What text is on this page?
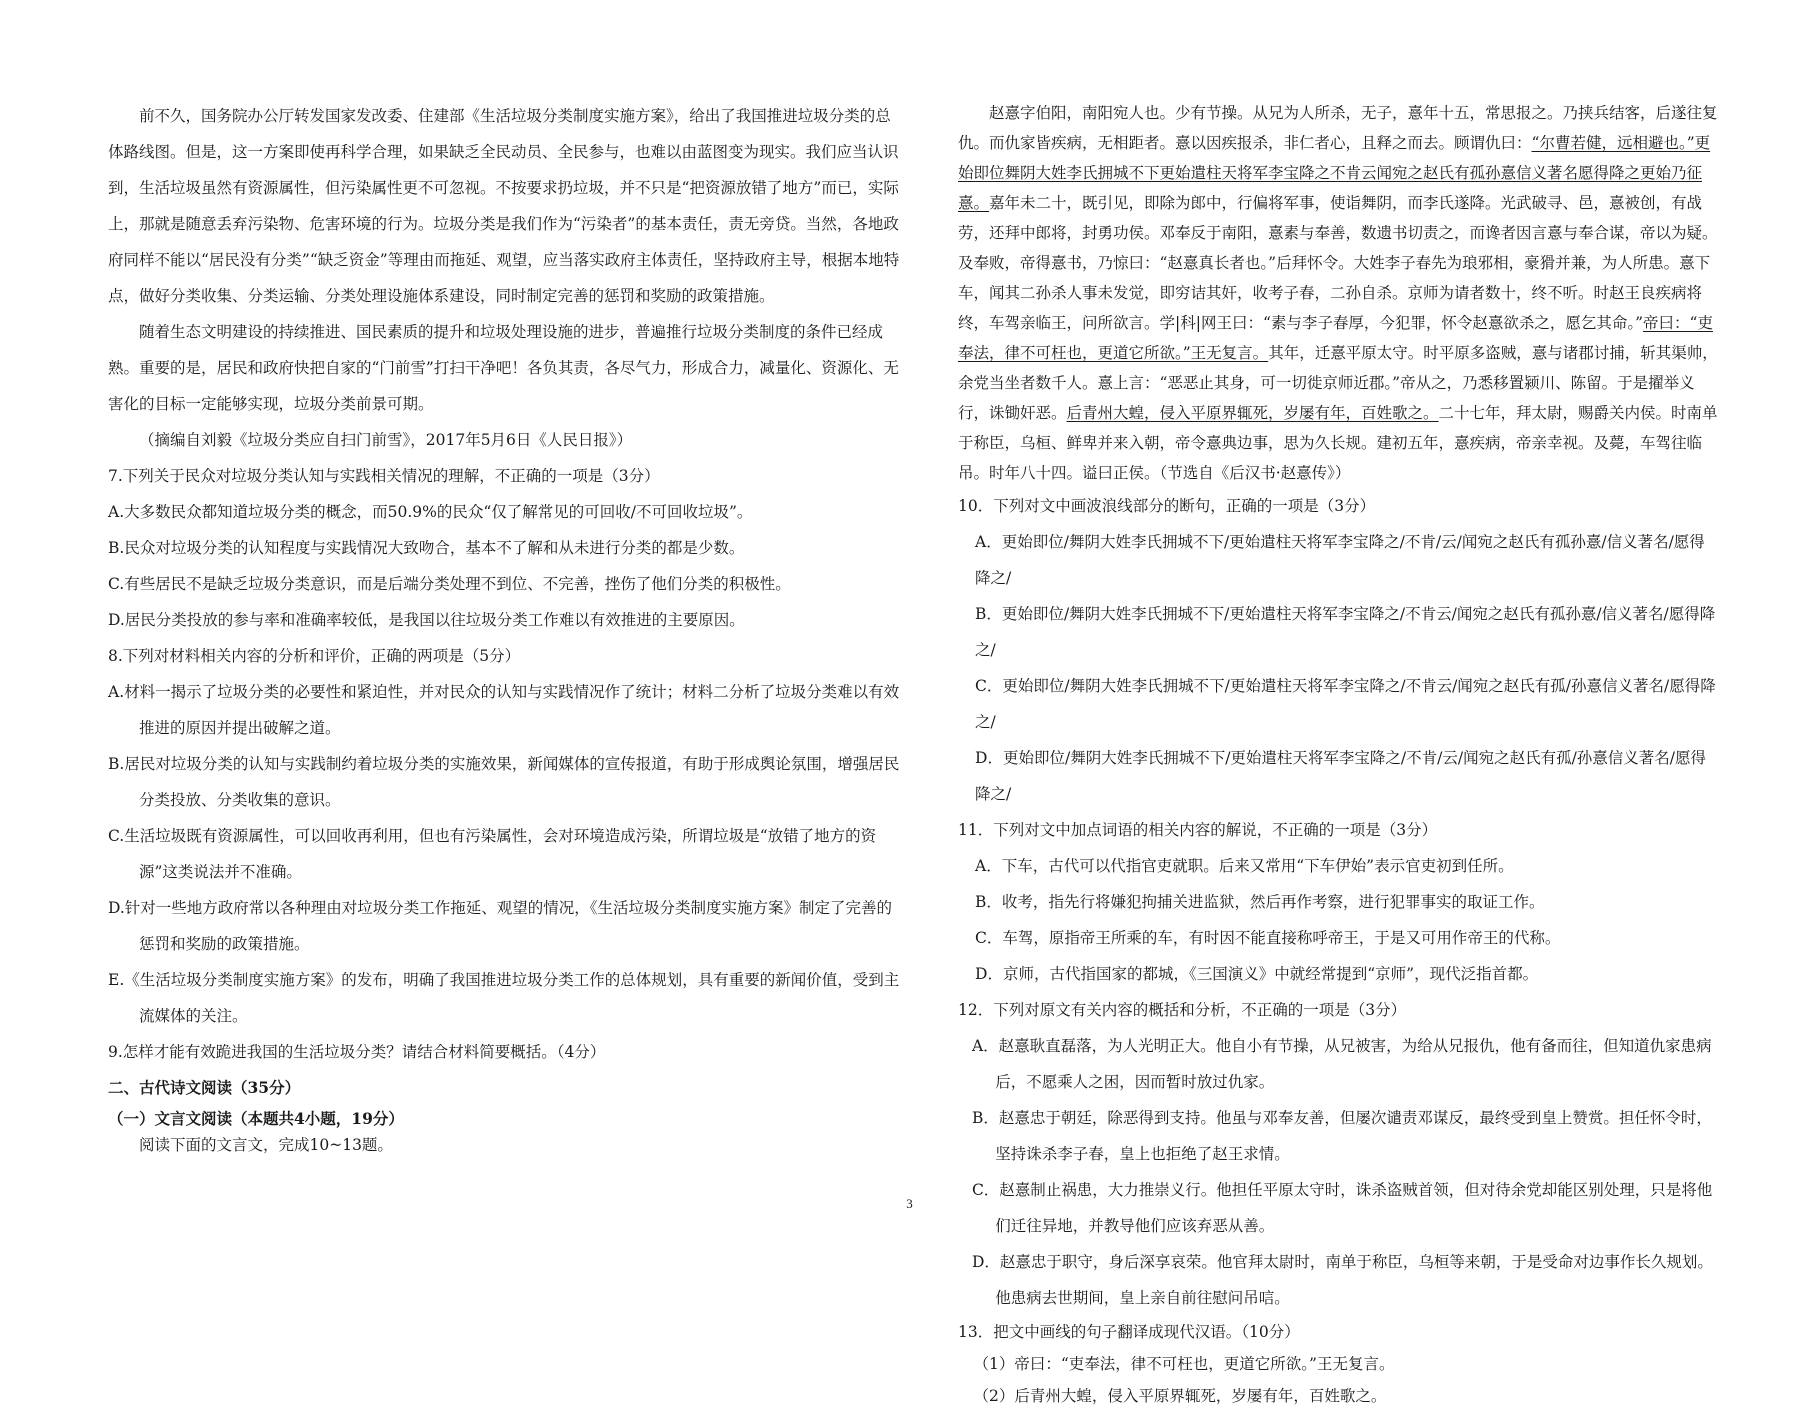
前不久，国务院办公厅转发国家发改委、住建部《生活垃圾分类制度实施方案》，给出了我国推进垃圾分类的总体路线图。但是，这一方案即使再科学合理，如果缺乏全民动员、全民参与，也难以由蓝图变为现实。我们应当认识到，生活垃圾虽然有资源属性，但污染属性更不可忽视。不按要求扔垃圾，并不只是“把资源放错了地方”而已，实际上，那就是随意丢弃污染物、危害环境的行为。垃圾分类是我们作为“污染者”的基本责任，责无旁贷。当然，各地政府同样不能以“居民没有分类”“缺乏资金”等理由而拖延、观望，应当落实政府主体责任，坚持政府主导，根据本地特点，做好分类收集、分类运输、分类处理设施体系建设，同时制定完善的惩罚和奖励的政策措施。

随着生态文明建设的持续推进、国民素质的提升和垃圾处理设施的进步，普遍推行垃圾分类制度的条件已经成熟。重要的是，居民和政府快把自家的“门前雪”打扫干净吧！各负其责，各尽气力，形成合力，减量化、资源化、无害化的目标一定能够实现，垃圾分类前景可期。

（摘编自刘毅《垃圾分类应自扫门前雪》，2017年5月6日《人民日报》）

7.下列关于民众对垃圾分类认知与实践相关情况的理解，不正确的一项是（3分）

A.大多数民众都知道垃圾分类的概念，而50.9%的民众“仅了解常见的可回收/不可回收垃圾”。

B.民众对垃圾分类的认知程度与实践情况大致吻合，基本不了解和从未进行分类的都是少数。

C.有些居民不是缺乏垃圾分类意识，而是后端分类处理不到位、不完善，挫伤了他们分类的积极性。

D.居民分类投放的参与率和准确率较低，是我国以往垃圾分类工作难以有效推进的主要原因。

8.下列对材料相关内容的分析和评价，正确的两项是（5分）

A.材料一揭示了垃圾分类的必要性和紧迫性，并对民众的认知与实践情况作了统计；材料二分析了垃圾分类难以有效推进的原因并提出破解之道。

B.居民对垃圾分类的认知与实践制约着垃圾分类的实施效果，新闻媒体的宣传报道，有助于形成舆论氛围，增强居民分类投放、分类收集的意识。

C.生活垃圾既有资源属性，可以回收再利用，但也有污染属性，会对环境造成污染，所谓垃圾是“放错了地方的资源”这类说法并不准确。

D.针对一些地方政府常以各种理由对垃圾分类工作拖延、观望的情况，《生活垃圾分类制度实施方案》制定了完善的惩罚和奖励的政策措施。

E.《生活垃圾分类制度实施方案》的发布，明确了我国推进垃圾分类工作的总体规划，具有重要的新闻价值，受到主流媒体的关注。

9.怎样才能有效跪进我国的生活垃圾分类？请结合材料简要概括。（4分）

二、古代诗文阅读（35分）

（一）文言文阅读（本题共4小题，19分）

阅读下面的文言文，完成10~13题。

赵憙字伯阳，南阳宛人也。少有节操。从兄为人所杀，无子，憙年十五，常思报之。乃挟兵结客，后遂往复仇。而仇家皆疾病，无相距者。憙以因疾报杀，非仁者心，且释之而去。顾谓仇曰：“尔曹若健，远相避也。”更始即位舞阴大姓李氏拥城不下更始遣柱天将军李宝降之不肯云闻宛之赵氏有孤孙憙信义著名愿得降之更始乃征憙。嘉年未二十，既引见，即除为郎中，行偏将军事，使诣舞阴，而李氏遂降。光武破寻、邑，憙被创，有战劳，还拜中郎将，封勇功侯。邓奉反于南阳，憙素与奉善，数遗书切责之，而谗者因言憙与奉合谋，帝以为疑。及奉败，帝得憙书，乃惊曰：“赵憙真长者也。”后拜怀令。大姓李子春先为琅邪相，豪猾并兼，为人所患。憙下车，闻其二孙杀人事未发觉，即穷诘其奸，收考子春，二孙自杀。京师为请者数十，终不听。时赵王良疾病将终，车驾亲临王，问所欲言。学|科|网王曰：“素与李子春厚，今犯罪，怀令赵憙欲杀之，愿乞其命。”帝曰：“吏奉法，律不可枉也，更道它所欲。”王无复言。其年，迁憙平原太守。时平原多盗贼，憙与诸郡讨捕，斩其渠帅，余党当坐者数千人。憙上言：“恶恶止其身，可一切徙京师近郡。”帝从之，乃悉移置颍川、陈留。于是擢举义行，诛锄奸恶。后青州大蝗，侵入平原界辄死，岁屡有年，百姓歌之。二十七年，拜太尉，赐爵关内侯。时南单于称臣，乌桓、鲜卑并来入朝，帝令憙典边事，思为久长规。建初五年，憙疾病，帝亲幸视。及薨，车驾往临吊。时年八十四。谥曰正侯。（节选自《后汉书·赵憙传》）

10．下列对文中画波浪线部分的断句，正确的一项是（3分）

A．更始即位/舞阴大姓李氏拥城不下/更始遣柱天将军李宝降之/不肯/云/闻宛之赵氏有孤孙憙/信义著名/愿得降之/

B．更始即位/舞阴大姓李氏拥城不下/更始遣柱天将军李宝降之/不肯云/闻宛之赵氏有孤孙憙/信义著名/愿得降之/

C．更始即位/舞阴大姓李氏拥城不下/更始遣柱天将军李宝降之/不肯云/闻宛之赵氏有孤/孙憙信义著名/愿得降之/

D．更始即位/舞阴大姓李氏拥城不下/更始遣柱天将军李宝降之/不肯/云/闻宛之赵氏有孤/孙憙信义著名/愿得降之/

11．下列对文中加点词语的相关内容的解说，不正确的一项是（3分）

A．下车，古代可以代指官吏就职。后来又常用“下车伊始”表示官吏初到任所。

B．收考，指先行将嫌犯拘捕关进监狱，然后再作考察，进行犯罪事实的取证工作。

C．车驾，原指帝王所乘的车，有时因不能直接称呼帝王，于是又可用作帝王的代称。

D．京师，古代指国家的都城，《三国演义》中就经常提到“京师”，现代泛指首都。

12．下列对原文有关内容的概括和分析，不正确的一项是（3分）

A．赵憙耿直磊落，为人光明正大。他自小有节操，从兄被害，为给从兄报仇，他有备而往，但知道仇家患病后，不愿乘人之困，因而暂时放过仇家。

B．赵憙忠于朝廷，除恶得到支持。他虽与邓奉友善，但屡次谴责邓谋反，最终受到皇上赞赏。担任怀令时，坚持诛杀李子春，皇上也拒绝了赵王求情。

C．赵憙制止祸患，大力推崇义行。他担任平原太守时，诛杀盗贼首领，但对待余党却能区别处理，只是将他们迁往异地，并教导他们应该弃恶从善。

D．赵憙忠于职守，身后深享哀荣。他官拜太尉时，南单于称臣，乌桓等来朝，于是受命对边事作长久规划。他患病去世期间，皇上亲自前往慰问吊唁。

13．把文中画线的句子翻译成现代汉语。（10分）

（1）帝曰：“吏奉法，律不可枉也，更道它所欲。”王无复言。

（2）后青州大蝗，侵入平原界辄死，岁屡有年，百姓歌之。

3
